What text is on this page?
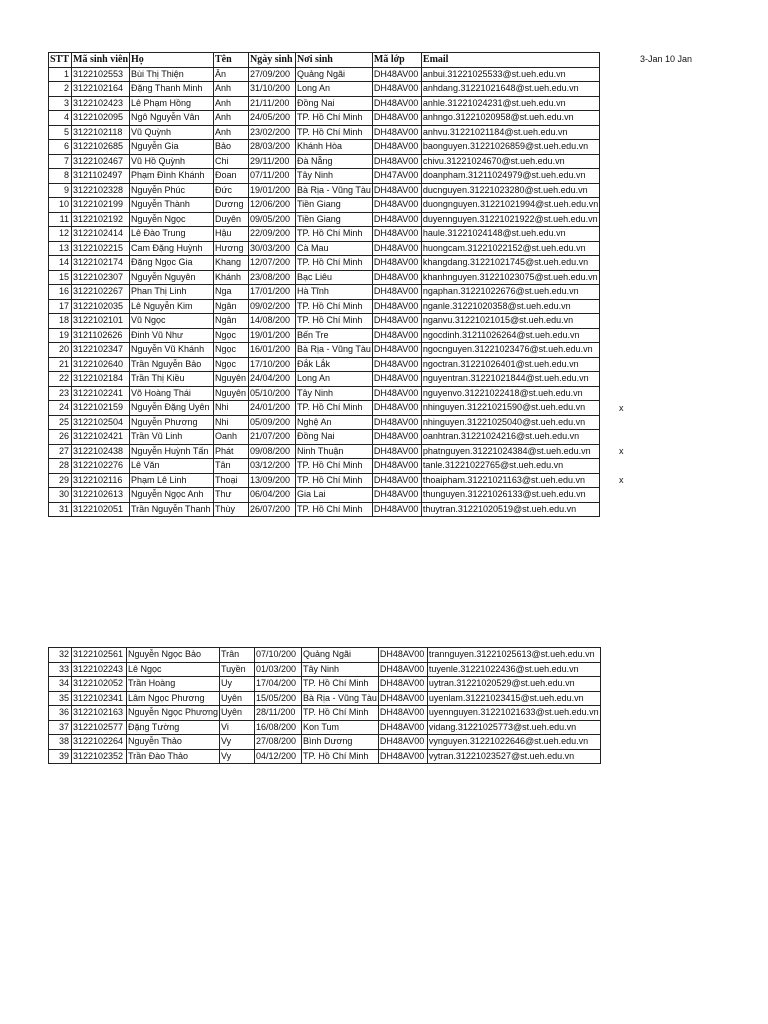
3-Jan 10 Jan
STT	Mã sinh viên	Họ	Tên	Ngày sinh	Nơi sinh	Mã lớp	Email
1	3122102553	Bùi Thị Thiện	Ân	27/09/200	Quảng Ngãi	DH48AV00	anbui.31221025533@st.ueh.edu.vn
2	3122102164	Đặng Thanh Minh	Anh	31/10/200	Long An	DH48AV00	anhdang.31221021648@st.ueh.edu.vn
3	3122102423	Lê Phạm Hồng	Anh	21/11/200	Đồng Nai	DH48AV00	anhle.31221024231@st.ueh.edu.vn
4	3122102095	Ngô Nguyễn Vân	Anh	24/05/200	TP. Hồ Chí Minh	DH48AV00	anhngo.31221020958@st.ueh.edu.vn
5	3122102118	Vũ Quỳnh	Anh	23/02/200	TP. Hồ Chí Minh	DH48AV00	anhvu.31221021184@st.ueh.edu.vn
6	3122102685	Nguyễn Gia	Bảo	28/03/200	Khánh Hòa	DH48AV00	baonguyen.31221026859@st.ueh.edu.vn
7	3122102467	Vũ Hồ Quỳnh	Chi	29/11/200	Đà Nẵng	DH48AV00	chivu.31221024670@st.ueh.edu.vn
8	3121102497	Phạm Đình Khánh	Đoan	07/11/200	Tây Ninh	DH47AV00	doanpham.31211024979@st.ueh.edu.vn
9	3122102328	Nguyễn Phúc	Đức	19/01/200	Bà Rịa - Vũng Tàu	DH48AV00	ducnguyen.31221023280@st.ueh.edu.vn
10	3122102199	Nguyễn Thành	Dương	12/06/200	Tiền Giang	DH48AV00	duongnguyen.31221021994@st.ueh.edu.vn
11	3122102192	Nguyễn Ngọc	Duyên	09/05/200	Tiền Giang	DH48AV00	duyennguyen.31221021922@st.ueh.edu.vn
12	3122102414	Lê Đào Trung	Hậu	22/09/200	TP. Hồ Chí Minh	DH48AV00	haule.31221024148@st.ueh.edu.vn
13	3122102215	Cam Đặng Huỳnh	Hương	30/03/200	Cà Mau	DH48AV00	huongcam.31221022152@st.ueh.edu.vn
14	3122102174	Đặng Ngọc Gia	Khang	12/07/200	TP. Hồ Chí Minh	DH48AV00	khangdang.31221021745@st.ueh.edu.vn
15	3122102307	Nguyễn Nguyên	Khánh	23/08/200	Bạc Liêu	DH48AV00	khanhnguyen.31221023075@st.ueh.edu.vn
16	3122102267	Phan Thị Linh	Nga	17/01/200	Hà Tĩnh	DH48AV00	ngaphan.31221022676@st.ueh.edu.vn
17	3122102035	Lê Nguyễn Kim	Ngân	09/02/200	TP. Hồ Chí Minh	DH48AV00	nganle.31221020358@st.ueh.edu.vn
18	3122102101	Vũ Ngọc	Ngân	14/08/200	TP. Hồ Chí Minh	DH48AV00	nganvu.31221021015@st.ueh.edu.vn
19	3121102626	Đinh Vũ Như	Ngọc	19/01/200	Bến Tre	DH48AV00	ngocdinh.31211026264@st.ueh.edu.vn
20	3122102347	Nguyễn Vũ Khánh	Ngọc	16/01/200	Bà Rịa - Vũng Tàu	DH48AV00	ngocnguyen.31221023476@st.ueh.edu.vn
21	3122102640	Trần Nguyễn Bảo	Ngọc	17/10/200	Đắk Lắk	DH48AV00	ngoctran.31221026401@st.ueh.edu.vn
22	3122102184	Trần Thị Kiều	Nguyên	24/04/200	Long An	DH48AV00	nguyentran.31221021844@st.ueh.edu.vn
23	3122102241	Võ Hoàng Thái	Nguyên	05/10/200	Tây Ninh	DH48AV00	nguyenvo.31221022418@st.ueh.edu.vn
24	3122102159	Nguyễn Đặng Uyên	Nhi	24/01/200	TP. Hồ Chí Minh	DH48AV00	nhinguyen.31221021590@st.ueh.edu.vn
25	3122102504	Nguyễn Phương	Nhi	05/09/200	Nghệ An	DH48AV00	nhinguyen.31221025040@st.ueh.edu.vn
26	3122102421	Trần Vũ Linh	Oanh	21/07/200	Đồng Nai	DH48AV00	oanhtran.31221024216@st.ueh.edu.vn
27	3122102438	Nguyễn Huỳnh Tấn	Phát	09/08/200	Ninh Thuận	DH48AV00	phatnguyen.31221024384@st.ueh.edu.vn
28	3122102276	Lê Văn	Tân	03/12/200	TP. Hồ Chí Minh	DH48AV00	tanle.31221022765@st.ueh.edu.vn
29	3122102116	Phạm Lê Linh	Thoại	13/09/200	TP. Hồ Chí Minh	DH48AV00	thoaipham.31221021163@st.ueh.edu.vn
30	3122102613	Nguyễn Ngọc Anh	Thư	06/04/200	Gia Lai	DH48AV00	thunguyen.31221026133@st.ueh.edu.vn
31	3122102051	Trần Nguyễn Thanh	Thùy	26/07/200	TP. Hồ Chí Minh	DH48AV00	thuytran.31221020519@st.ueh.edu.vn
32	3122102561	Nguyễn Ngọc Bảo	Trân	07/10/200	Quảng Ngãi	DH48AV00	trannguyen.31221025613@st.ueh.edu.vn
33	3122102243	Lê Ngọc	Tuyền	01/03/200	Tây Ninh	DH48AV00	tuyenle.31221022436@st.ueh.edu.vn
34	3122102052	Trần Hoàng	Uy	17/04/200	TP. Hồ Chí Minh	DH48AV00	uytran.31221020529@st.ueh.edu.vn
35	3122102341	Lâm Ngọc Phương	Uyên	15/05/200	Bà Rịa - Vũng Tàu	DH48AV00	uyenlam.31221023415@st.ueh.edu.vn
36	3122102163	Nguyễn Ngọc Phương	Uyên	28/11/200	TP. Hồ Chí Minh	DH48AV00	uyennguyen.31221021633@st.ueh.edu.vn
37	3122102577	Đặng Tường	Vi	16/08/200	Kon Tum	DH48AV00	vidang.31221025773@st.ueh.edu.vn
38	3122102264	Nguyễn Thảo	Vy	27/08/200	Bình Dương	DH48AV00	vynguyen.31221022646@st.ueh.edu.vn
39	3122102352	Trần Đào Thảo	Vy	04/12/200	TP. Hồ Chí Minh	DH48AV00	vytran.31221023527@st.ueh.edu.vn
x
x
x
